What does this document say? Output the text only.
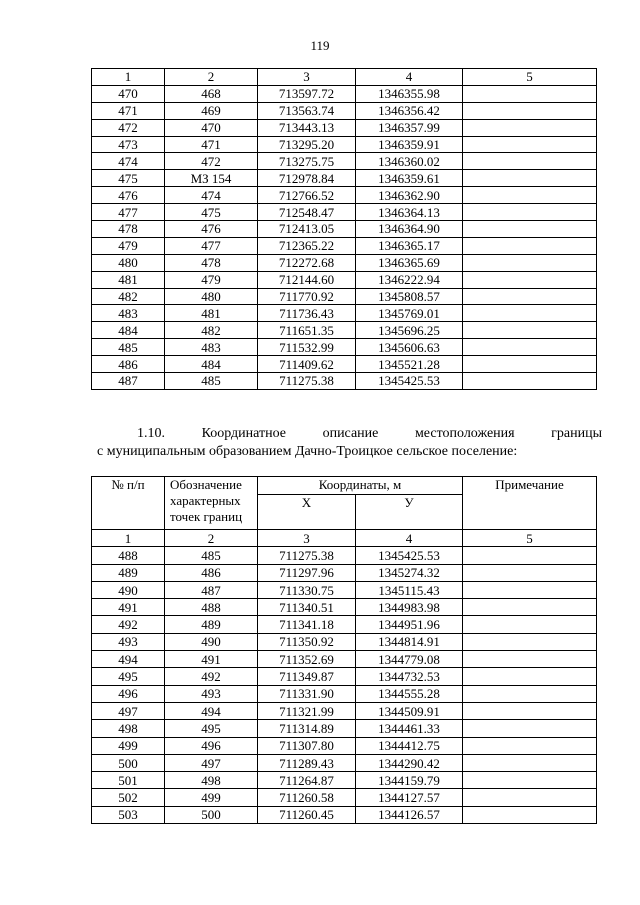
119
1	2	3	4	5
470	468	713597.72	1346355.98	
471	469	713563.74	1346356.42	
472	470	713443.13	1346357.99	
473	471	713295.20	1346359.91	
474	472	713275.75	1346360.02	
475	МЗ 154	712978.84	1346359.61	
476	474	712766.52	1346362.90	
477	475	712548.47	1346364.13	
478	476	712413.05	1346364.90	
479	477	712365.22	1346365.17	
480	478	712272.68	1346365.69	
481	479	712144.60	1346222.94	
482	480	711770.92	1345808.57	
483	481	711736.43	1345769.01	
484	482	711651.35	1345696.25	
485	483	711532.99	1345606.63	
486	484	711409.62	1345521.28	
487	485	711275.38	1345425.53	
1.10. Координатное описание местоположения границы
с муниципальным образованием Дачно-Троицкое сельское поселение:
№ п/п	Обозначение характерных точек границ	Координаты, м		Примечание
		X	У	
1	2	3	4	5
488	485	711275.38	1345425.53	
489	486	711297.96	1345274.32	
490	487	711330.75	1345115.43	
491	488	711340.51	1344983.98	
492	489	711341.18	1344951.96	
493	490	711350.92	1344814.91	
494	491	711352.69	1344779.08	
495	492	711349.87	1344732.53	
496	493	711331.90	1344555.28	
497	494	711321.99	1344509.91	
498	495	711314.89	1344461.33	
499	496	711307.80	1344412.75	
500	497	711289.43	1344290.42	
501	498	711264.87	1344159.79	
502	499	711260.58	1344127.57	
503	500	711260.45	1344126.57	
